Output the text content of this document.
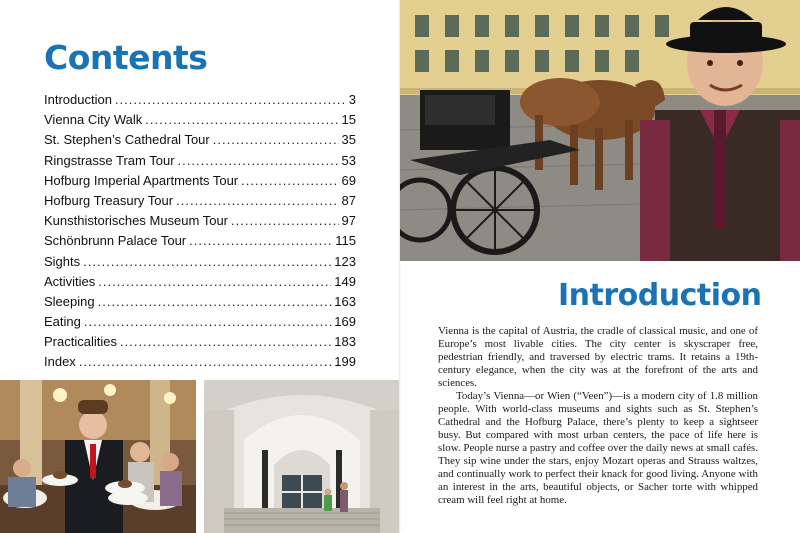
Contents
Introduction . . .	3
Vienna City Walk . . .	15
St. Stephen’s Cathedral Tour . . .	35
Ringstrasse Tram Tour . . .	53
Hofburg Imperial Apartments Tour . . .	69
Hofburg Treasury Tour . . .	87
Kunsthistorisches Museum Tour . . .	97
Schönbrunn Palace Tour . . .	115
Sights . . .	123
Activities . . .	149
Sleeping . . .	163
Eating . . .	169
Practicalities . . .	183
Index . . .	199
Introduction

Vienna is the capital of Austria, the cradle of classical music, and one of Europe’s most livable cities. The city center is skyscraper free, pedestrian friendly, and traversed by electric trams. It retains a 19th-century elegance, when the city was at the forefront of the arts and sciences.

Today’s Vienna—or Wien (“Veen”)—is a modern city of 1.8 million people. With world-class museums and sights such as St. Stephen’s Cathedral and the Hofburg Palace, there’s plenty to keep a sightseer busy. But compared with most urban centers, the pace of life here is slow. People nurse a pastry and coffee over the daily news at small cafés. They sip wine under the stars, enjoy Mozart operas and Strauss waltzes, and continually work to perfect their knack for good living. Anyone with an interest in the arts, beautiful objects, or Sacher torte with whipped cream will feel right at home.
